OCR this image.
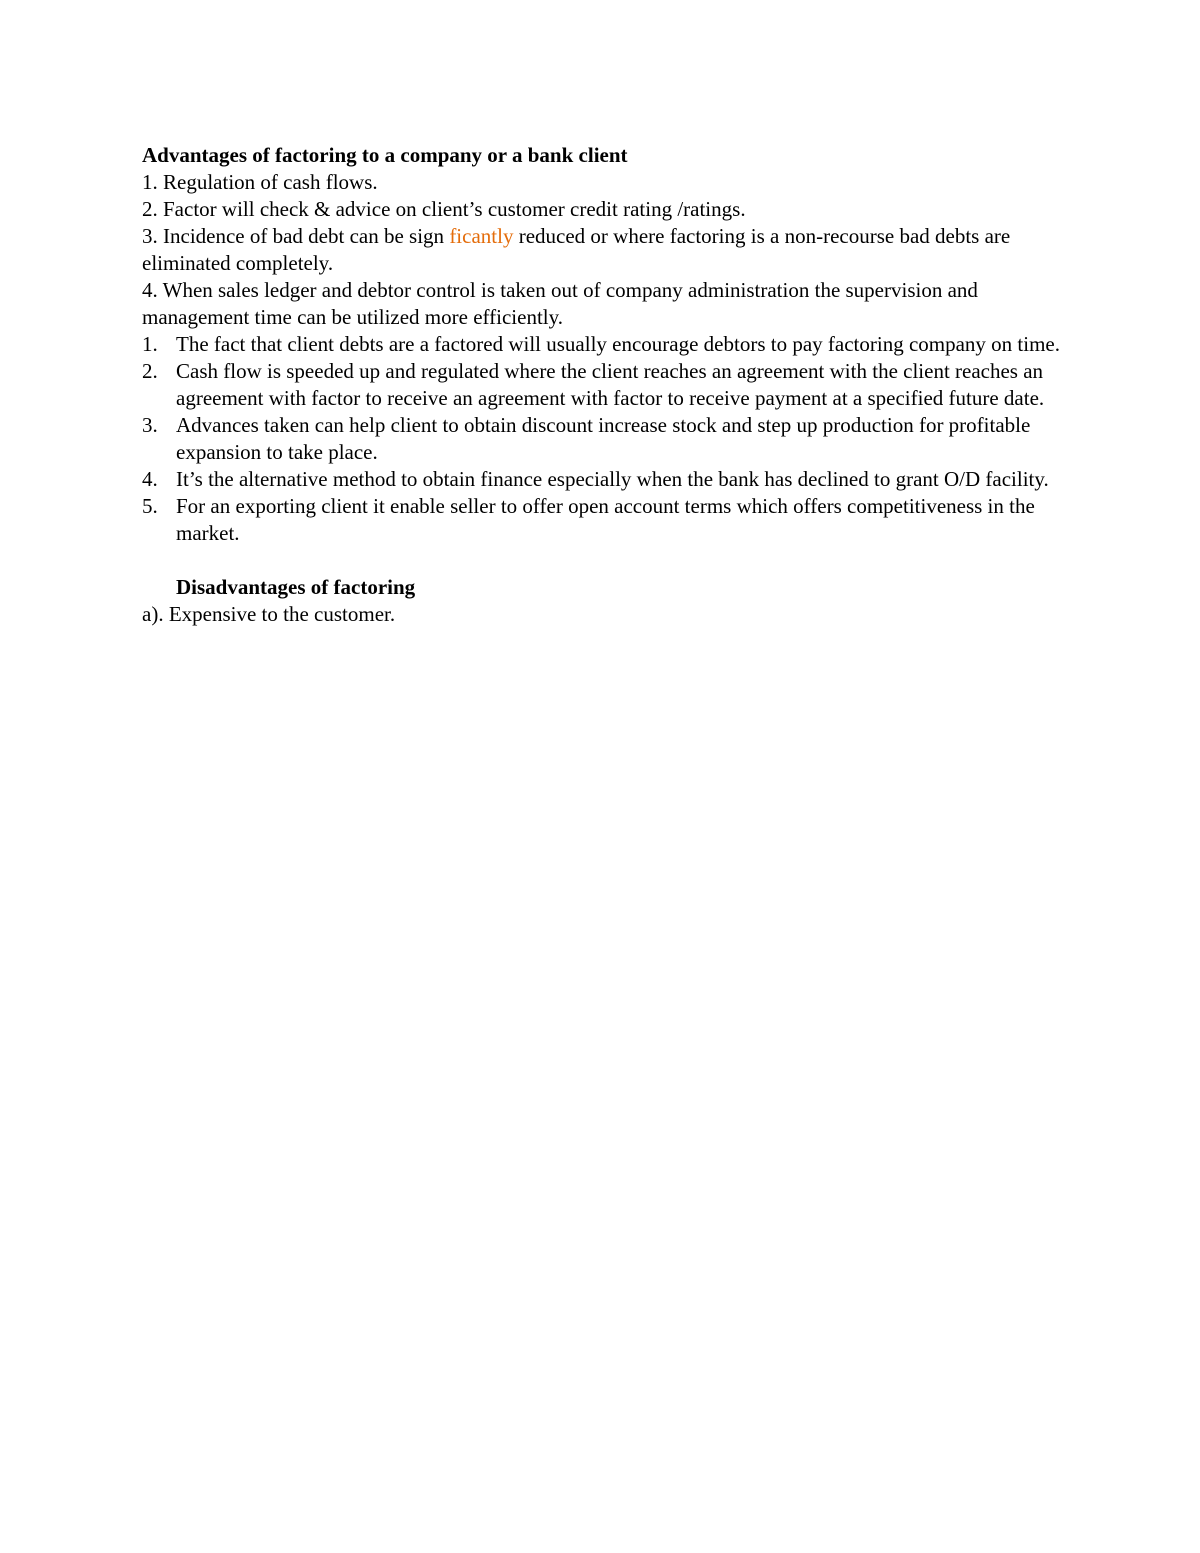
Advantages of factoring to a company or a bank client

1. Regulation of cash flows.

2. Factor will check & advice on client’s customer credit rating /ratings.

3. Incidence of bad debt can be sign ficantly reduced or where factoring is a non-recourse bad debts are eliminated completely.

4. When sales ledger and debtor control is taken out of company administration the supervision and management time can be utilized more efficiently.

1. The fact that client debts are a factored will usually encourage debtors to pay factoring company on time.
2. Cash flow is speeded up and regulated where the client reaches an agreement with the client reaches an agreement with factor to receive an agreement with factor to receive payment at a specified future date.
3. Advances taken can help client to obtain discount increase stock and step up production for profitable expansion to take place.
4. It’s the alternative method to obtain finance especially when the bank has declined to grant O/D facility.
5. For an exporting client it enable seller to offer open account terms which offers competitiveness in the market.

Disadvantages of factoring

a). Expensive to the customer.
